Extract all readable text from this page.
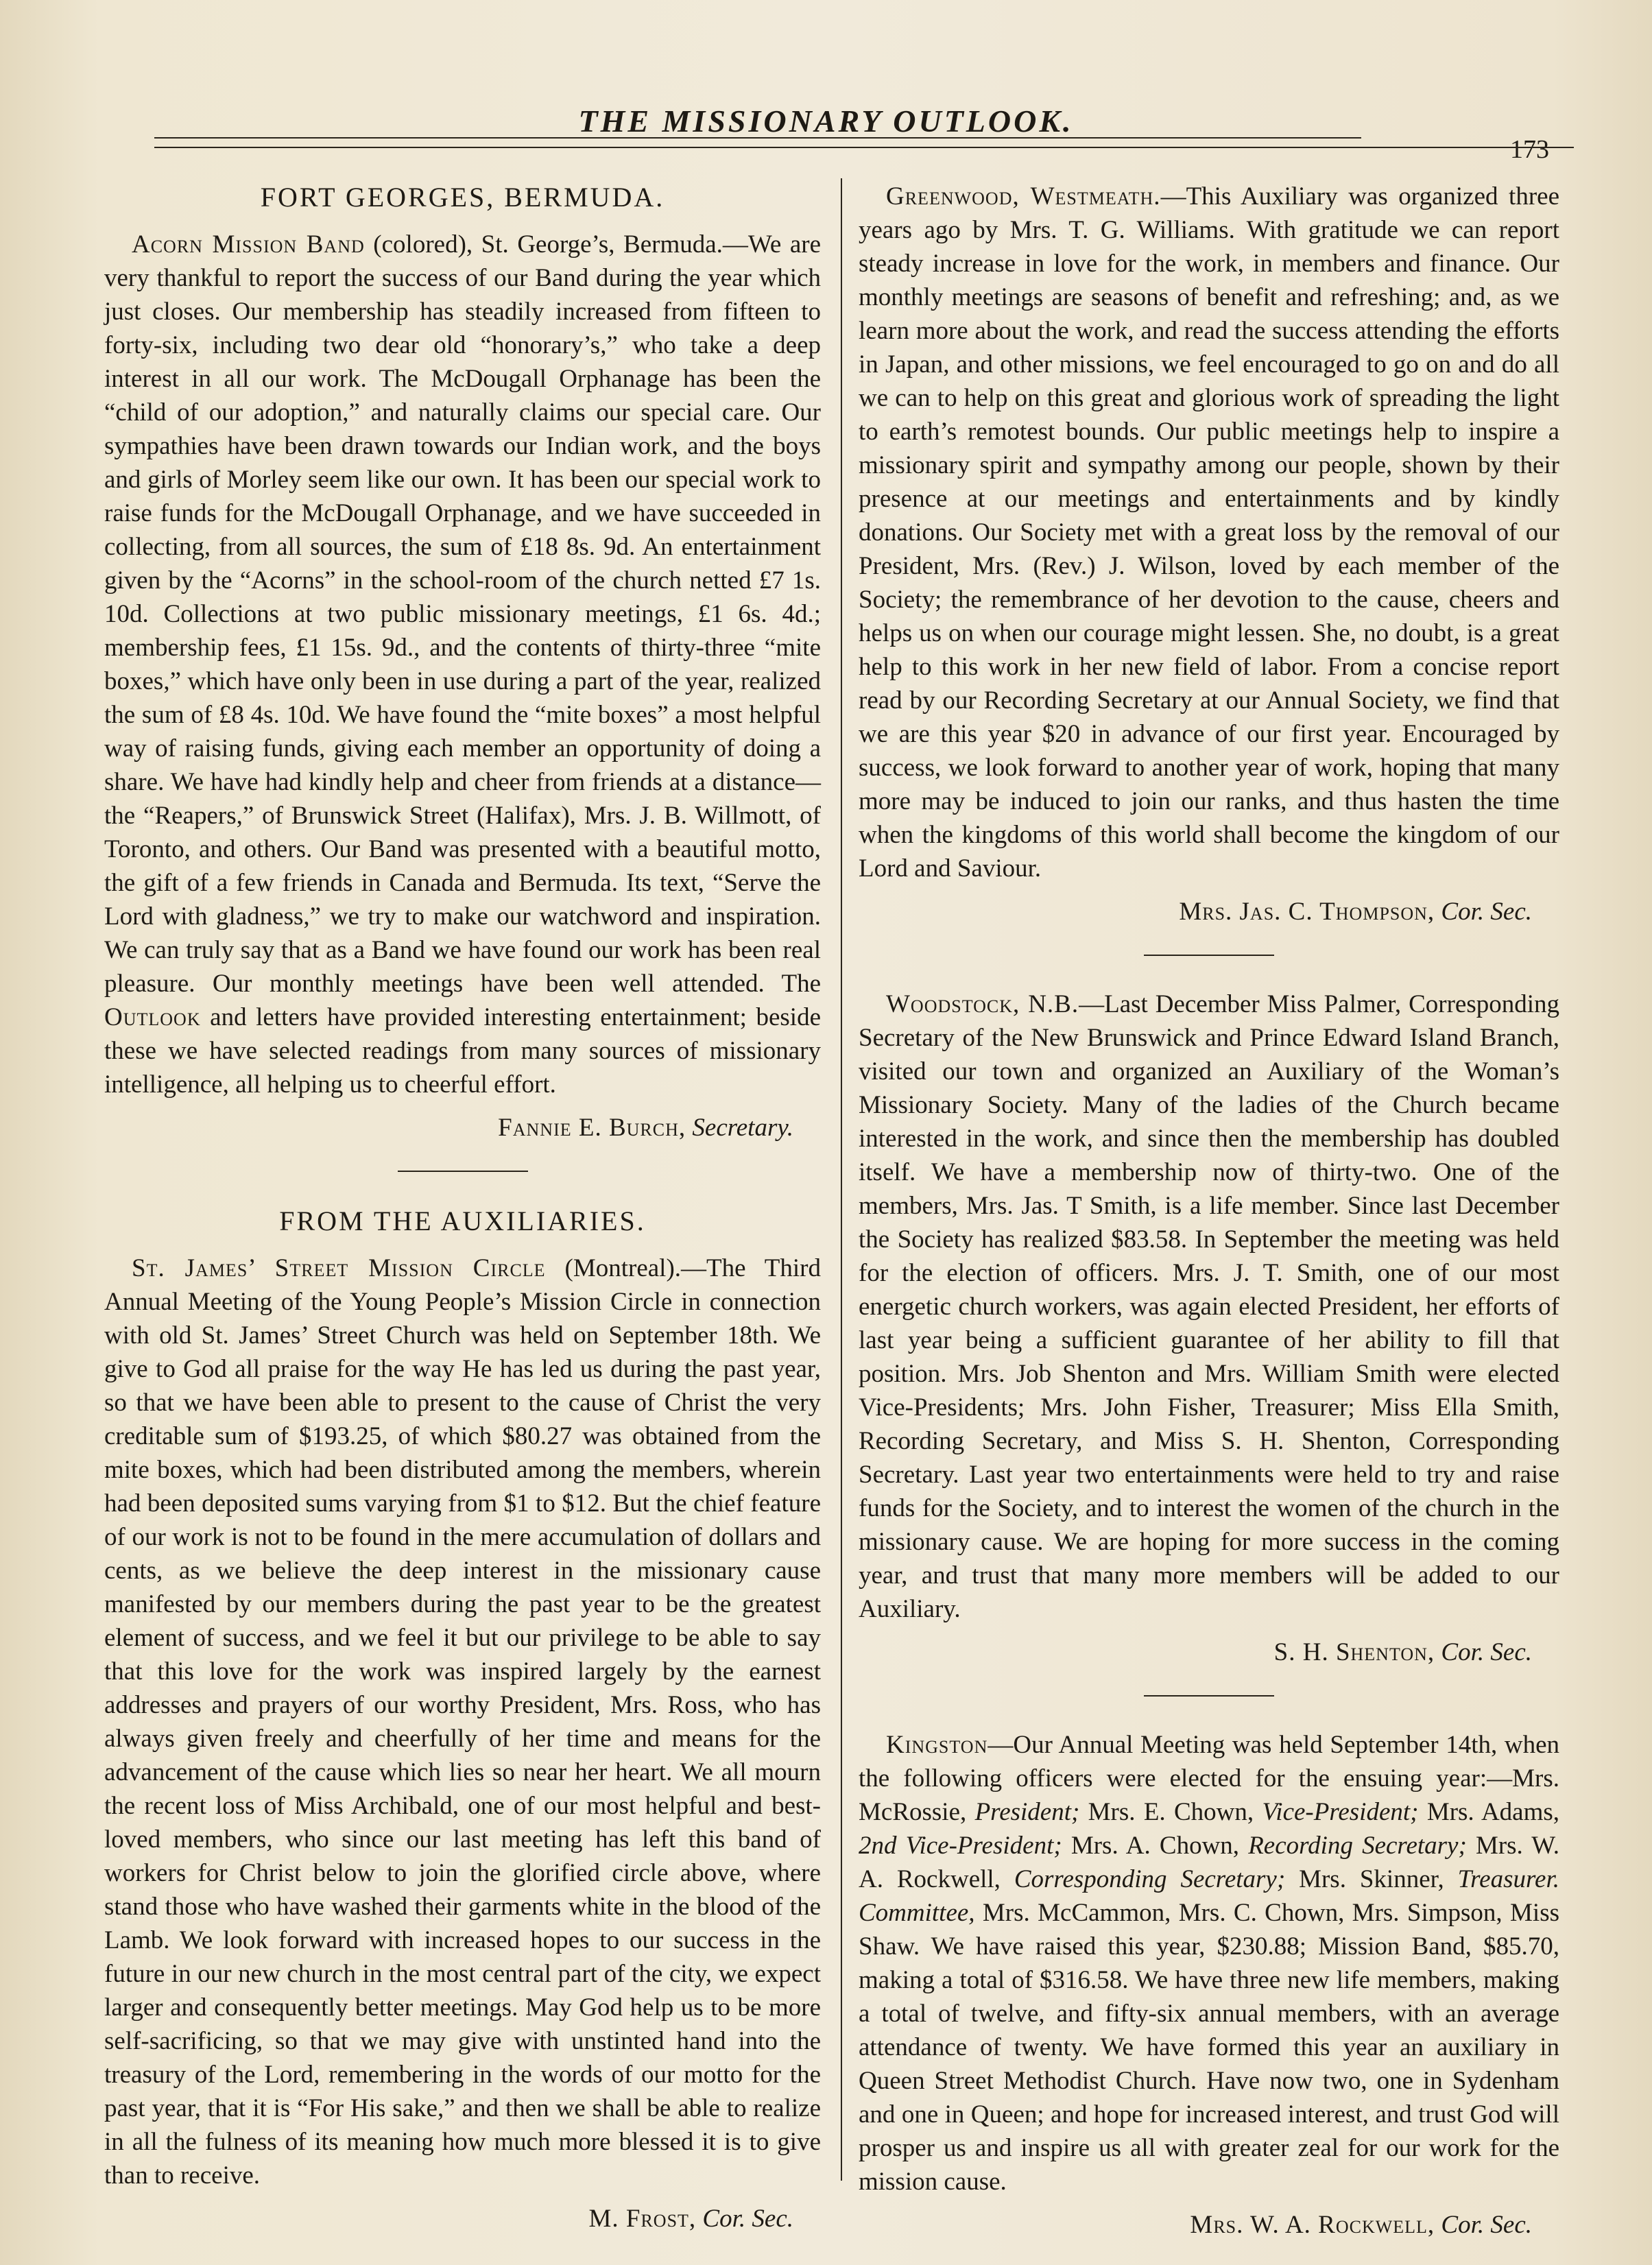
THE MISSIONARY OUTLOOK.
173
FORT GEORGES, BERMUDA.

Acorn Mission Band (colored), St. George’s, Bermuda.—We are very thankful to report the success of our Band during the year which just closes. Our membership has steadily increased from fifteen to forty-six, including two dear old “honorary’s,” who take a deep interest in all our work. The McDougall Orphanage has been the “child of our adoption,” and naturally claims our special care. Our sympathies have been drawn towards our Indian work, and the boys and girls of Morley seem like our own. It has been our special work to raise funds for the McDougall Orphanage, and we have succeeded in collecting, from all sources, the sum of £18 8s. 9d. An entertainment given by the “Acorns” in the school-room of the church netted £7 1s. 10d. Collections at two public missionary meetings, £1 6s. 4d.; membership fees, £1 15s. 9d., and the contents of thirty-three “mite boxes,” which have only been in use during a part of the year, realized the sum of £8 4s. 10d. We have found the “mite boxes” a most helpful way of raising funds, giving each member an opportunity of doing a share. We have had kindly help and cheer from friends at a distance—the “Reapers,” of Brunswick Street (Halifax), Mrs. J. B. Willmott, of Toronto, and others. Our Band was presented with a beautiful motto, the gift of a few friends in Canada and Bermuda. Its text, “Serve the Lord with gladness,” we try to make our watchword and inspiration. We can truly say that as a Band we have found our work has been real pleasure. Our monthly meetings have been well attended. The Outlook and letters have provided interesting entertainment; beside these we have selected readings from many sources of missionary intelligence, all helping us to cheerful effort.

Fannie E. Burch, Secretary.

FROM THE AUXILIARIES.

St. James’ Street Mission Circle (Montreal).—The Third Annual Meeting of the Young People’s Mission Circle in connection with old St. James’ Street Church was held on September 18th. We give to God all praise for the way He has led us during the past year, so that we have been able to present to the cause of Christ the very creditable sum of $193.25, of which $80.27 was obtained from the mite boxes, which had been distributed among the members, wherein had been deposited sums varying from $1 to $12. But the chief feature of our work is not to be found in the mere accumulation of dollars and cents, as we believe the deep interest in the missionary cause manifested by our members during the past year to be the greatest element of success, and we feel it but our privilege to be able to say that this love for the work was inspired largely by the earnest addresses and prayers of our worthy President, Mrs. Ross, who has always given freely and cheerfully of her time and means for the advancement of the cause which lies so near her heart. We all mourn the recent loss of Miss Archibald, one of our most helpful and best-loved members, who since our last meeting has left this band of workers for Christ below to join the glorified circle above, where stand those who have washed their garments white in the blood of the Lamb. We look forward with increased hopes to our success in the future in our new church in the most central part of the city, we expect larger and consequently better meetings. May God help us to be more self-sacrificing, so that we may give with unstinted hand into the treasury of the Lord, remembering in the words of our motto for the past year, that it is “For His sake,” and then we shall be able to realize in all the fulness of its meaning how much more blessed it is to give than to receive.

M. Frost, Cor. Sec.

Greenwood, Westmeath.—This Auxiliary was organized three years ago by Mrs. T. G. Williams. With gratitude we can report steady increase in love for the work, in members and finance. Our monthly meetings are seasons of benefit and refreshing; and, as we learn more about the work, and read the success attending the efforts in Japan, and other missions, we feel encouraged to go on and do all we can to help on this great and glorious work of spreading the light to earth’s remotest bounds. Our public meetings help to inspire a missionary spirit and sympathy among our people, shown by their presence at our meetings and entertainments and by kindly donations. Our Society met with a great loss by the removal of our President, Mrs. (Rev.) J. Wilson, loved by each member of the Society; the remembrance of her devotion to the cause, cheers and helps us on when our courage might lessen. She, no doubt, is a great help to this work in her new field of labor. From a concise report read by our Recording Secretary at our Annual Society, we find that we are this year $20 in advance of our first year. Encouraged by success, we look forward to another year of work, hoping that many more may be induced to join our ranks, and thus hasten the time when the kingdoms of this world shall become the kingdom of our Lord and Saviour.

Mrs. Jas. C. Thompson, Cor. Sec.

Woodstock, N.B.—Last December Miss Palmer, Corresponding Secretary of the New Brunswick and Prince Edward Island Branch, visited our town and organized an Auxiliary of the Woman’s Missionary Society. Many of the ladies of the Church became interested in the work, and since then the membership has doubled itself. We have a membership now of thirty-two. One of the members, Mrs. Jas. T Smith, is a life member. Since last December the Society has realized $83.58. In September the meeting was held for the election of officers. Mrs. J. T. Smith, one of our most energetic church workers, was again elected President, her efforts of last year being a sufficient guarantee of her ability to fill that position. Mrs. Job Shenton and Mrs. William Smith were elected Vice-Presidents; Mrs. John Fisher, Treasurer; Miss Ella Smith, Recording Secretary, and Miss S. H. Shenton, Corresponding Secretary. Last year two entertainments were held to try and raise funds for the Society, and to interest the women of the church in the missionary cause. We are hoping for more success in the coming year, and trust that many more members will be added to our Auxiliary.

S. H. Shenton, Cor. Sec.

Kingston—Our Annual Meeting was held September 14th, when the following officers were elected for the ensuing year:—Mrs. McRossie, President; Mrs. E. Chown, Vice-President; Mrs. Adams, 2nd Vice-President; Mrs. A. Chown, Recording Secretary; Mrs. W. A. Rockwell, Corresponding Secretary; Mrs. Skinner, Treasurer. Committee, Mrs. McCammon, Mrs. C. Chown, Mrs. Simpson, Miss Shaw. We have raised this year, $230.88; Mission Band, $85.70, making a total of $316.58. We have three new life members, making a total of twelve, and fifty-six annual members, with an average attendance of twenty. We have formed this year an auxiliary in Queen Street Methodist Church. Have now two, one in Sydenham and one in Queen; and hope for increased interest, and trust God will prosper us and inspire us all with greater zeal for our work for the mission cause.

Mrs. W. A. Rockwell, Cor. Sec.
